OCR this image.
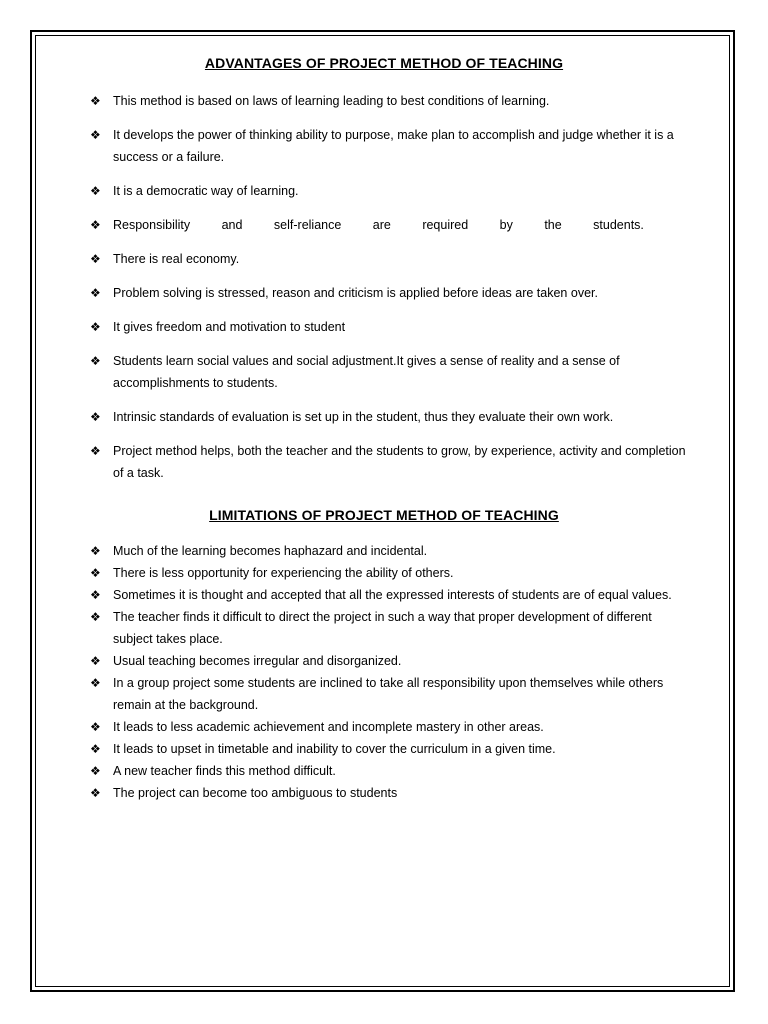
ADVANTAGES OF PROJECT METHOD OF TEACHING
❖ This method is based on laws of learning leading to best conditions of learning.
❖ It develops the power of thinking ability to purpose, make plan to accomplish and judge whether it is a success or a failure.
❖ It is a democratic way of learning.
❖ Responsibility and self-reliance are required by the students.
❖ There is real economy.
❖ Problem solving is stressed, reason and criticism is applied before ideas are taken over.
❖ It gives freedom and motivation to student
❖ Students learn social values and social adjustment.It gives a sense of reality and a sense of accomplishments to students.
❖ Intrinsic standards of evaluation is set up in the student, thus they evaluate their own work.
❖ Project method helps, both the teacher and the students to grow, by experience, activity and completion of a task.
LIMITATIONS OF PROJECT METHOD OF TEACHING
❖ Much of the learning becomes haphazard and incidental.
❖ There is less opportunity for experiencing the ability of others.
❖ Sometimes it is thought and accepted that all the expressed interests of students are of equal values.
❖ The teacher finds it difficult to direct the project in such a way that proper development of different subject takes place.
❖ Usual teaching becomes irregular and disorganized.
❖ In a group project some students are inclined to take all responsibility upon themselves while others remain at the background.
❖ It leads to less academic achievement and incomplete mastery in other areas.
❖ It leads to upset in timetable and inability to cover the curriculum in a given time.
❖ A new teacher finds this method difficult.
❖ The project can become too ambiguous to students
